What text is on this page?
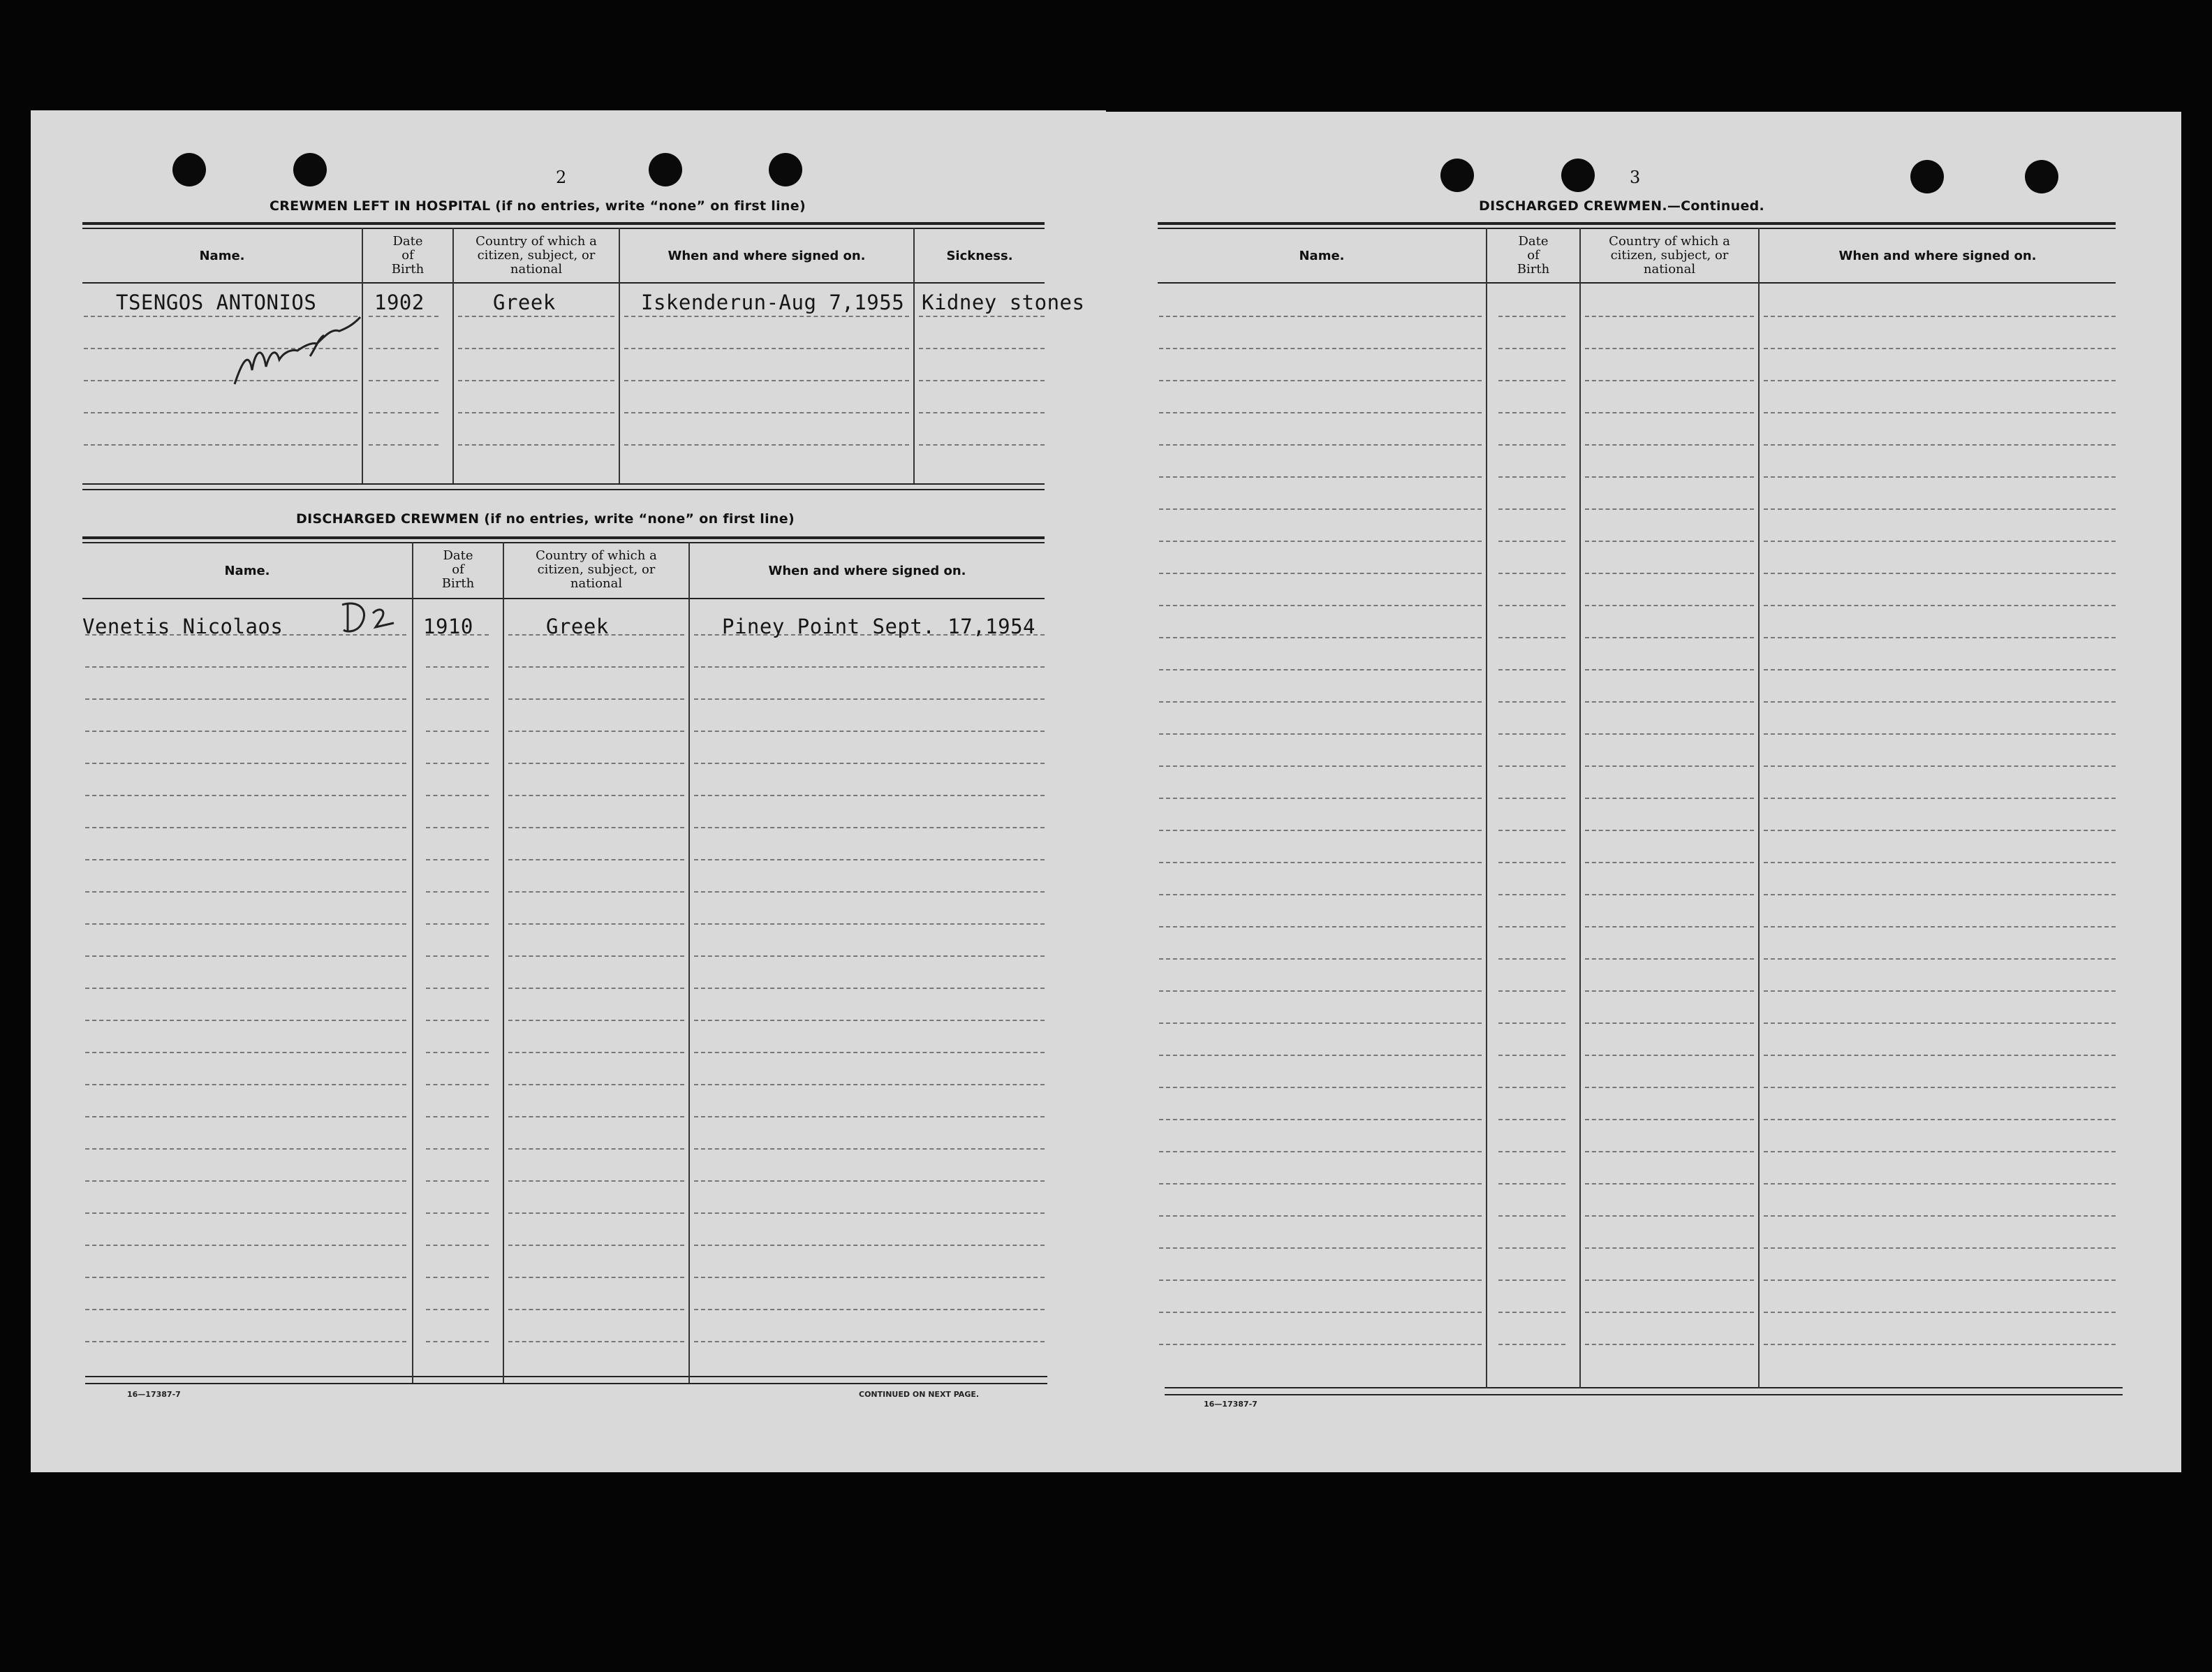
2
CREWMEN LEFT IN HOSPITAL (if no entries, write “none” on first line)
Name.
Date
of
Birth
Country of which a
citizen, subject, or
national
When and where signed on.	Sickness.
TSENGOS ANTONIOS	1902	Greek	Iskenderun-Aug 7,1955 Kidney stones
DISCHARGED CREWMEN (if no entries, write “none” on first line)
Name.
Date
of
Birth
Country of which a
citizen, subject, or
national
When and where signed on.
Venetis Nicolaos	1910	Greek	Piney Point Sept. 17,1954
16—17387-7	CONTINUED ON NEXT PAGE.
3
DISCHARGED CREWMEN.—Continued.
Name.
Date
of
Birth
Country of which a
citizen, subject, or
national
When and where signed on.
16—17387-7
